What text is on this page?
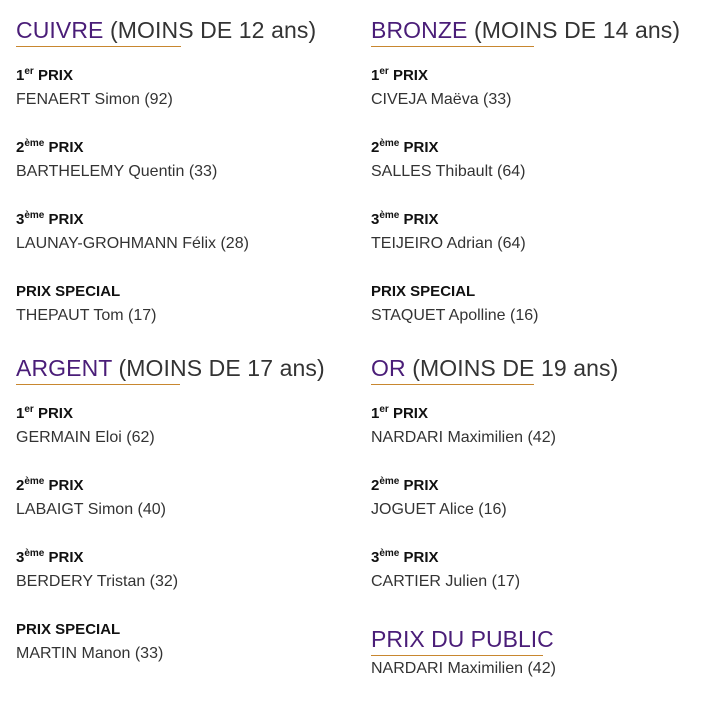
CUIVRE (MOINS DE 12 ans)
1er PRIX
FENAERT Simon (92)
2ème PRIX
BARTHELEMY Quentin (33)
3ème PRIX
LAUNAY-GROHMANN Félix (28)
PRIX SPECIAL
THEPAUT Tom (17)
BRONZE (MOINS DE 14 ans)
1er PRIX
CIVEJA Maëva (33)
2ème PRIX
SALLES Thibault (64)
3ème PRIX
TEIJEIRO Adrian (64)
PRIX SPECIAL
STAQUET Apolline (16)
ARGENT (MOINS DE 17 ans)
1er PRIX
GERMAIN Eloi (62)
2ème PRIX
LABAIGT Simon (40)
3ème PRIX
BERDERY Tristan (32)
PRIX SPECIAL
MARTIN Manon (33)
OR (MOINS DE 19 ans)
1er PRIX
NARDARI Maximilien (42)
2ème PRIX
JOGUET Alice (16)
3ème PRIX
CARTIER Julien (17)
PRIX DU PUBLIC
NARDARI Maximilien (42)
